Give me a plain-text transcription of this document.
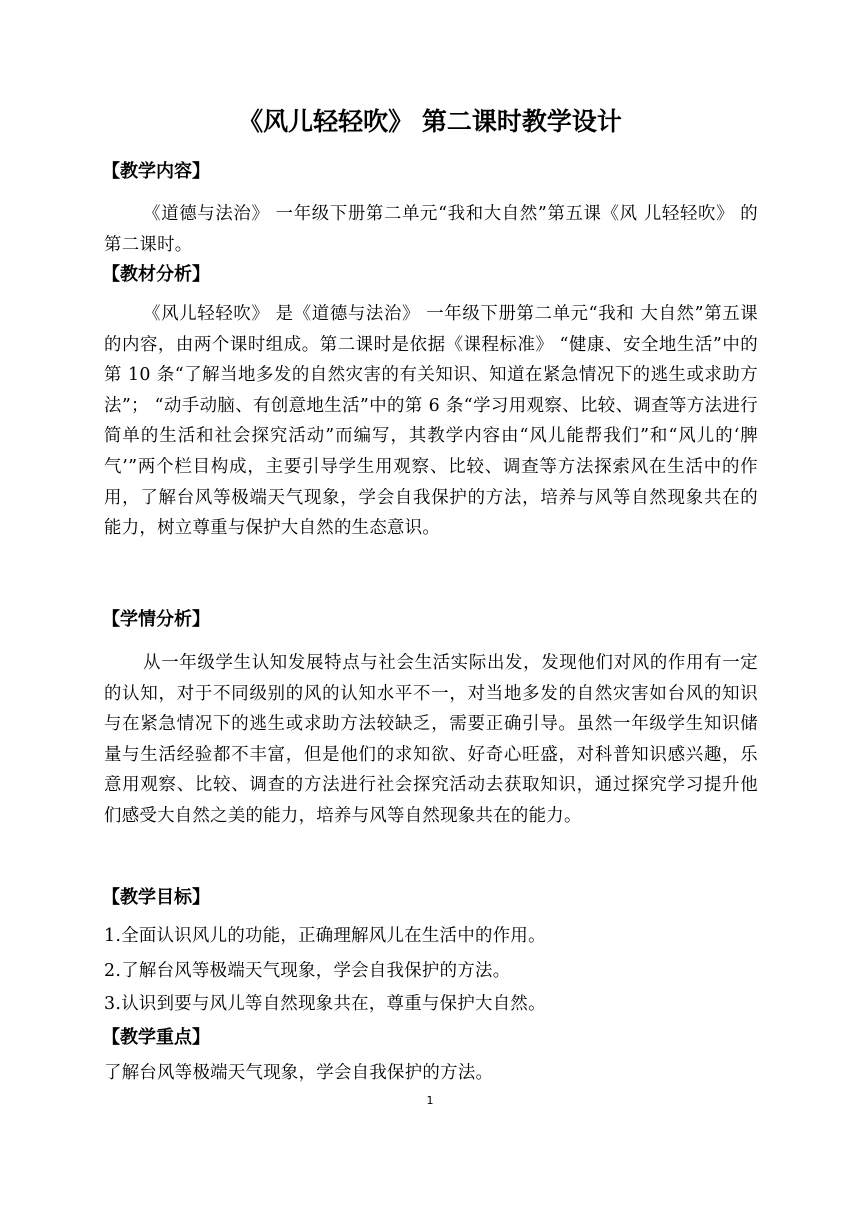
《风儿轻轻吹》 第二课时教学设计
【教学内容】

《道德与法治》 一年级下册第二单元“我和大自然”第五课《风 儿轻轻吹》 的第二课时。

【教材分析】

《风儿轻轻吹》 是《道德与法治》 一年级下册第二单元“我和 大自然”第五课的内容，由两个课时组成。第二课时是依据《课程标准》 “健康、安全地生活”中的第 10 条“了解当地多发的自然灾害的有关知识、知道在紧急情况下的逃生或求助方法”； “动手动脑、有创意地生活”中的第 6 条“学习用观察、比较、调查等方法进行简单的生活和社会探究活动”而编写，其教学内容由“风儿能帮我们”和“风儿的‘脾气’”两个栏目构成，主要引导学生用观察、比较、调查等方法探索风在生活中的作用，了解台风等极端天气现象，学会自我保护的方法，培养与风等自然现象共在的能力，树立尊重与保护大自然的生态意识。

【学情分析】

从一年级学生认知发展特点与社会生活实际出发，发现他们对风的作用有一定的认知，对于不同级别的风的认知水平不一，对当地多发的自然灾害如台风的知识与在紧急情况下的逃生或求助方法较缺乏，需要正确引导。虽然一年级学生知识储量与生活经验都不丰富，但是他们的求知欲、好奇心旺盛，对科普知识感兴趣，乐意用观察、比较、调查的方法进行社会探究活动去获取知识，通过探究学习提升他们感受大自然之美的能力，培养与风等自然现象共在的能力。

【教学目标】

1.全面认识风儿的功能，正确理解风儿在生活中的作用。

2.了解台风等极端天气现象，学会自我保护的方法。

3.认识到要与风儿等自然现象共在，尊重与保护大自然。

【教学重点】

了解台风等极端天气现象，学会自我保护的方法。

1
